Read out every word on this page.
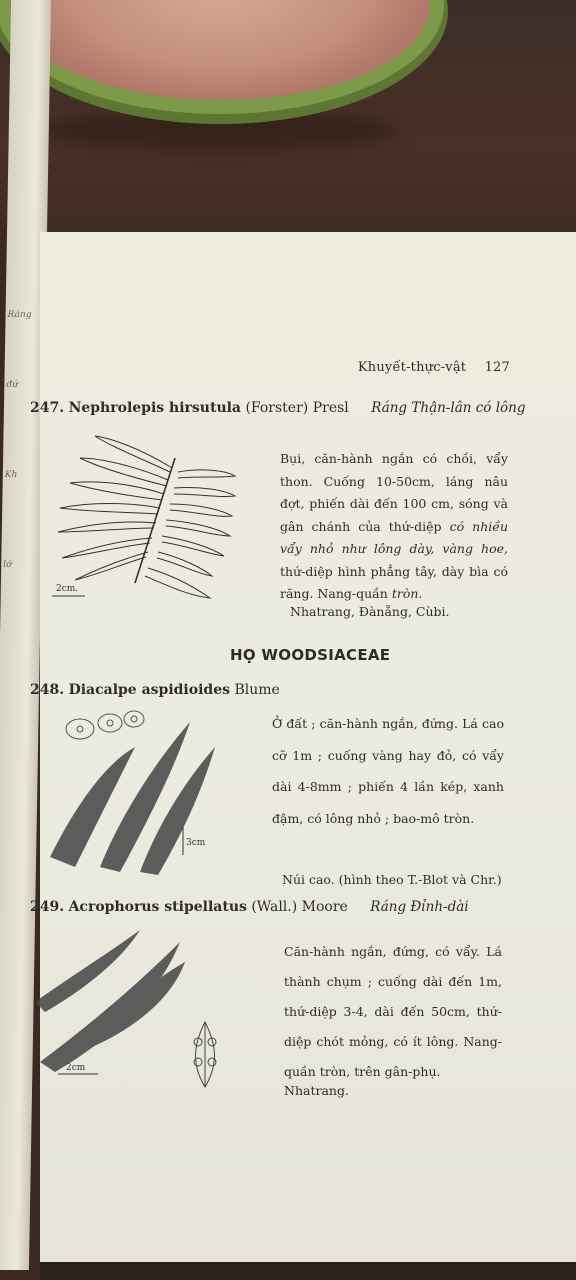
Ráng
đứ
Kh
lớ
Khuyết-thực-vật 127
247. Nephrolepis hirsutula (Forster) Presl Ráng Thận-lân có lông
2cm.

Bụi, căn-hành ngắn có chồi, vẩy thon. Cuống 10-50cm, láng nâu đợt, phiến dài đến 100 cm, sóng và gân chánh của thứ-diệp có nhiều vẩy nhỏ như lông dày, vàng hoe, thứ-diệp hình phẳng tây, dày bìa có răng. Nang-quần tròn.

Nhatrang, Đànẵng, Cùbi.
HỌ WOODSIACEAE
248. Diacalpe aspidioides Blume
3cm
Ở đất ; căn-hành ngắn, đứng. Lá cao cỡ 1m ; cuống vàng hay đỏ, có vẩy dài 4-8mm ; phiến 4 lần kép, xanh đậm, có lông nhỏ ; bao-mô tròn.
Núi cao. (hình theo T.-Blot và Chr.)
249. Acrophorus stipellatus (Wall.) Moore Ráng Đỉnh-dài
2cm
Căn-hành ngắn, đứng, có vẩy. Lá thành chụm ; cuống dài đến 1m, thứ-diệp 3-4, dài đến 50cm, thứ-diệp chót mỏng, có ít lông. Nang-quần tròn, trên gân-phụ.
Nhatrang.
